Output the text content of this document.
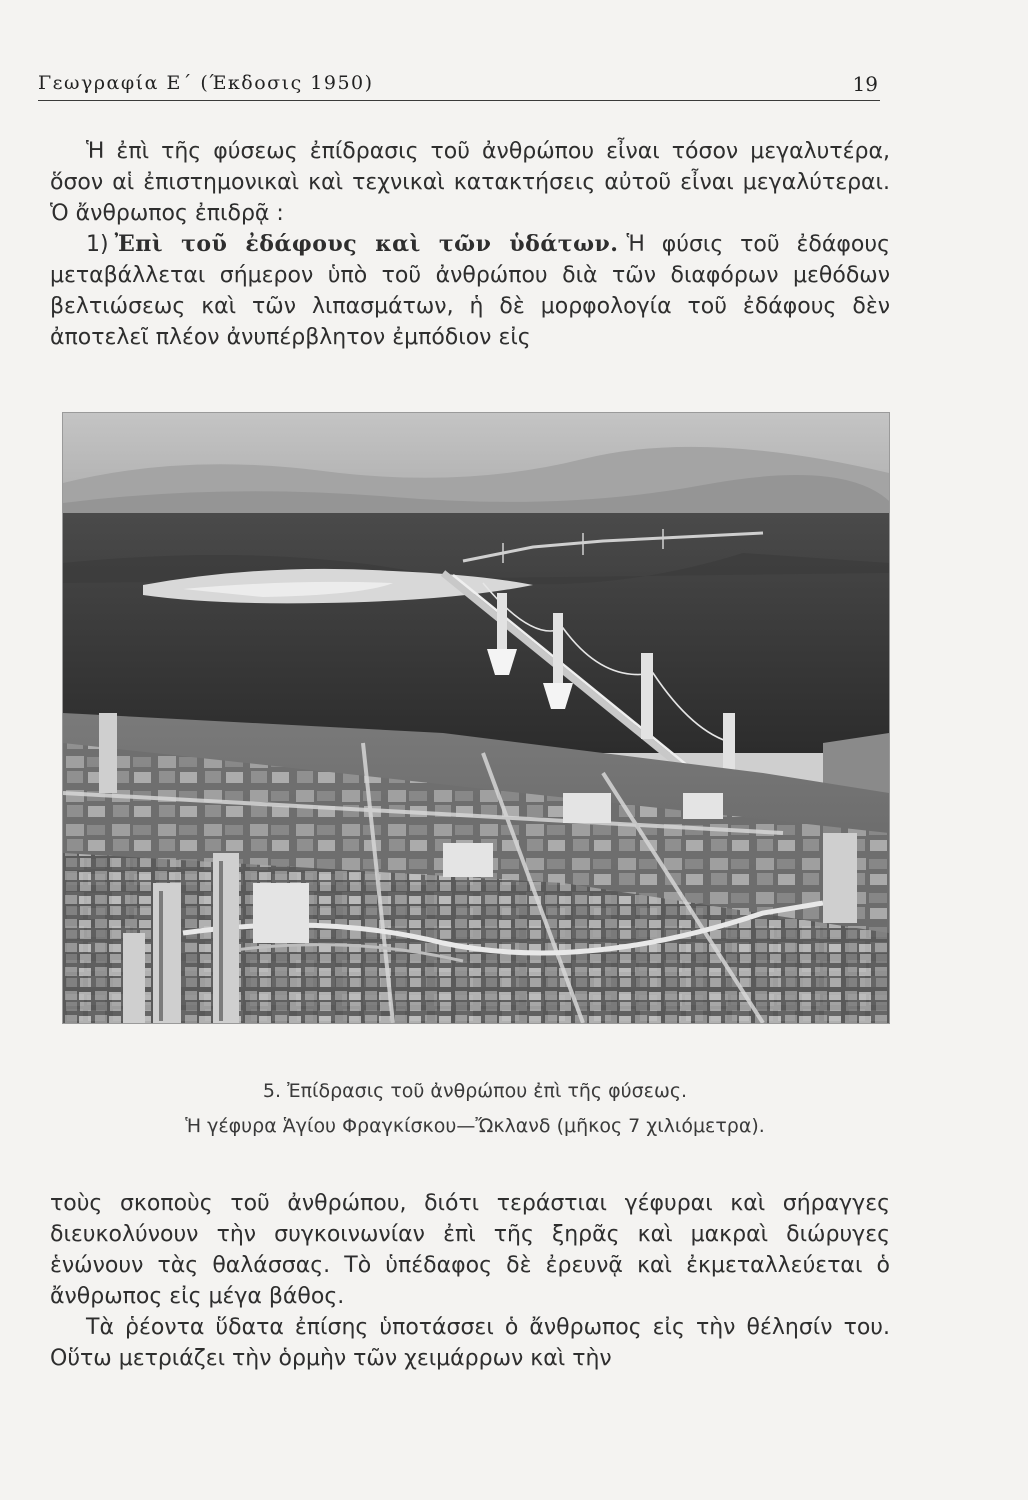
Γεωγραφία Ε΄ (Έκδοσις 1950)	19

Ἡ ἐπὶ τῆς φύσεως ἐπίδρασις τοῦ ἀνθρώπου εἶναι τόσον μεγαλυτέρα, ὅσον αἱ ἐπιστημονικαὶ καὶ τεχνικαὶ κατακτήσεις αὐτοῦ εἶναι μεγαλύτεραι. Ὁ ἄνθρωπος ἐπιδρᾷ :

1) Ἐπὶ τοῦ ἐδάφους καὶ τῶν ὑδάτων. Ἡ φύσις τοῦ ἐδάφους μεταβάλλεται σήμερον ὑπὸ τοῦ ἀνθρώπου διὰ τῶν διαφόρων μεθόδων βελτιώσεως καὶ τῶν λιπασμάτων, ἡ δὲ μορφολογία τοῦ ἐδάφους δὲν ἀποτελεῖ πλέον ἀνυπέρβλητον ἐμπόδιον εἰς

5. Ἐπίδρασις τοῦ ἀνθρώπου ἐπὶ τῆς φύσεως.
Ἡ γέφυρα Ἁγίου Φραγκίσκου—Ὤκλανδ (μῆκος 7 χιλιόμετρα).

τοὺς σκοποὺς τοῦ ἀνθρώπου, διότι τεράστιαι γέφυραι καὶ σήραγγες διευκολύνουν τὴν συγκοινωνίαν ἐπὶ τῆς ξηρᾶς καὶ μακραὶ διώρυγες ἑνώνουν τὰς θαλάσσας. Τὸ ὑπέδαφος δὲ ἐρευνᾷ καὶ ἐκμεταλλεύεται ὁ ἄνθρωπος εἰς μέγα βάθος.

Τὰ ῥέοντα ὕδατα ἐπίσης ὑποτάσσει ὁ ἄνθρωπος εἰς τὴν θέλησίν του. Οὕτω μετριάζει τὴν ὁρμὴν τῶν χειμάρρων καὶ τὴν
